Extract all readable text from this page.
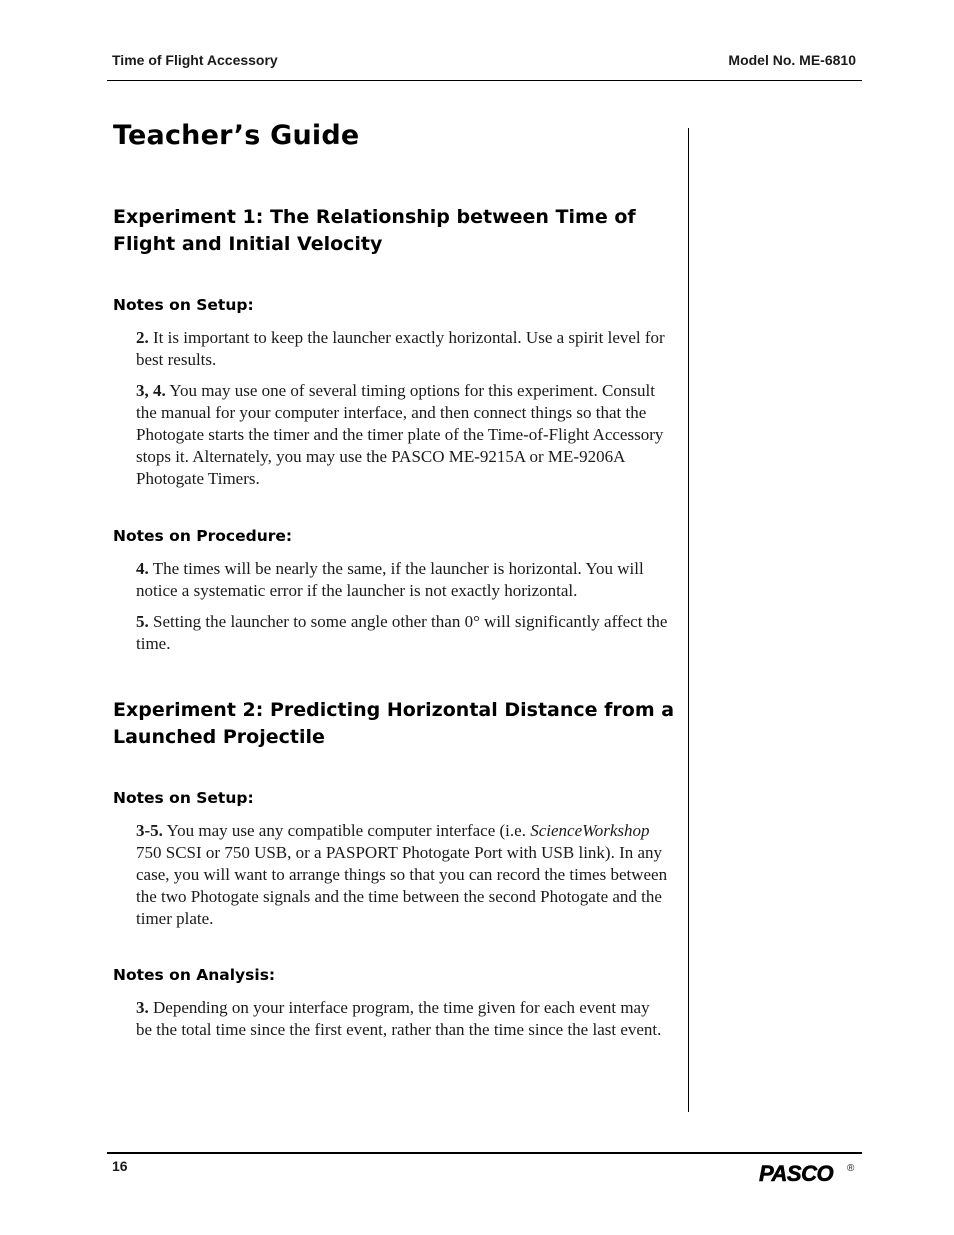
Time of Flight Accessory	Model No. ME-6810
Teacher’s Guide
Experiment 1: The Relationship between Time of Flight and Initial Velocity
Notes on Setup:

2. It is important to keep the launcher exactly horizontal. Use a spirit level for best results.

3, 4. You may use one of several timing options for this experiment. Consult the manual for your computer interface, and then connect things so that the Photogate starts the timer and the timer plate of the Time-of-Flight Accessory stops it. Alternately, you may use the PASCO ME-9215A or ME-9206A Photogate Timers.

Notes on Procedure:

4. The times will be nearly the same, if the launcher is horizontal. You will notice a systematic error if the launcher is not exactly horizontal.

5. Setting the launcher to some angle other than 0° will significantly affect the time.

Experiment 2: Predicting Horizontal Distance from a Launched Projectile
Notes on Setup:

3-5. You may use any compatible computer interface (i.e. ScienceWorkshop 750 SCSI or 750 USB, or a PASPORT Photogate Port with USB link). In any case, you will want to arrange things so that you can record the times between the two Photogate signals and the time between the second Photogate and the timer plate.

Notes on Analysis:

3. Depending on your interface program, the time given for each event may be the total time since the first event, rather than the time since the last event.

16	PASCO ®
